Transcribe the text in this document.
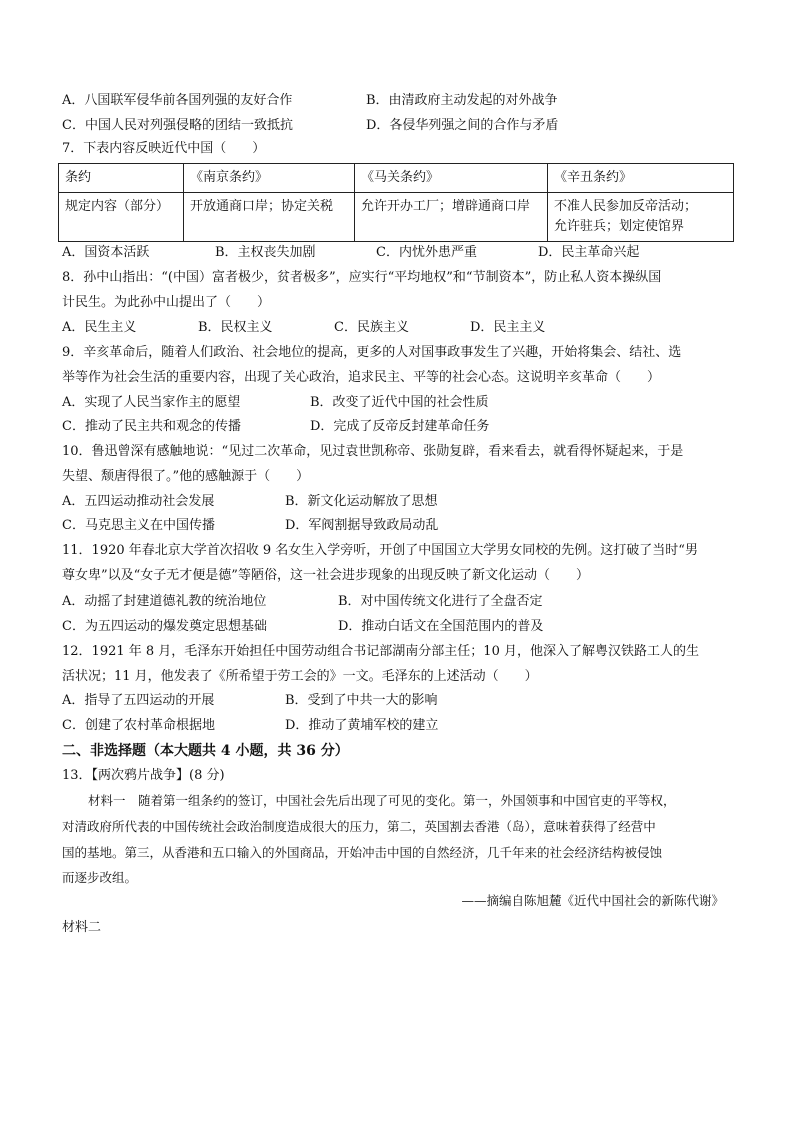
A．八国联军侵华前各国列强的友好合作	B．由清政府主动发起的对外战争
C．中国人民对列强侵略的团结一致抵抗	D．各侵华列强之间的合作与矛盾
7．下表内容反映近代中国（　　）
条约	《南京条约》	《马关条约》	《辛丑条约》
规定内容（部分）	开放通商口岸；协定关税	允许开办工厂；增辟通商口岸	不准人民参加反帝活动；
允许驻兵；划定使馆界
A．国资本活跃	B．主权丧失加剧	C．内忧外患严重	D．民主革命兴起
8．孙中山指出：“(中国）富者极少，贫者极多”，应实行“平均地权”和“节制资本”，防止私人资本操纵国
计民生。为此孙中山提出了（　　）
A．民生主义	B．民权主义	C．民族主义	D．民主主义
9．辛亥革命后，随着人们政治、社会地位的提高，更多的人对国事政事发生了兴趣，开始将集会、结社、选
举等作为社会生活的重要内容，出现了关心政治，追求民主、平等的社会心态。这说明辛亥革命（　　）
A．实现了人民当家作主的愿望	B．改变了近代中国的社会性质
C．推动了民主共和观念的传播	D．完成了反帝反封建革命任务
10．鲁迅曾深有感触地说：“见过二次革命，见过袁世凯称帝、张勋复辟，看来看去，就看得怀疑起来，于是
失望、颓唐得很了。”他的感触源于（　　）
A．五四运动推动社会发展	B．新文化运动解放了思想
C．马克思主义在中国传播	D．军阀割据导致政局动乱
11．1920 年春北京大学首次招收 9 名女生入学旁听，开创了中国国立大学男女同校的先例。这打破了当时“男
尊女卑”以及“女子无才便是德”等陋俗，这一社会进步现象的出现反映了新文化运动（　　）
A．动摇了封建道德礼教的统治地位	B．对中国传统文化进行了全盘否定
C．为五四运动的爆发奠定思想基础	D．推动白话文在全国范围内的普及
12．1921 年 8 月，毛泽东开始担任中国劳动组合书记部湖南分部主任；10 月，他深入了解粤汉铁路工人的生
活状况；11 月，他发表了《所希望于劳工会的》一文。毛泽东的上述活动（　　）
A．指导了五四运动的开展	B．受到了中共一大的影响
C．创建了农村革命根据地	D．推动了黄埔军校的建立
二、非选择题（本大题共 4 小题，共 36 分）
13．【两次鸦片战争】(8 分)
材料一　随着第一组条约的签订，中国社会先后出现了可见的变化。第一，外国领事和中国官吏的平等权，
对清政府所代表的中国传统社会政治制度造成很大的压力，第二，英国割去香港（岛），意味着获得了经营中
国的基地。第三，从香港和五口输入的外国商品，开始冲击中国的自然经济，几千年来的社会经济结构被侵蚀
而逐步改组。
——摘编自陈旭麓《近代中国社会的新陈代谢》
材料二
